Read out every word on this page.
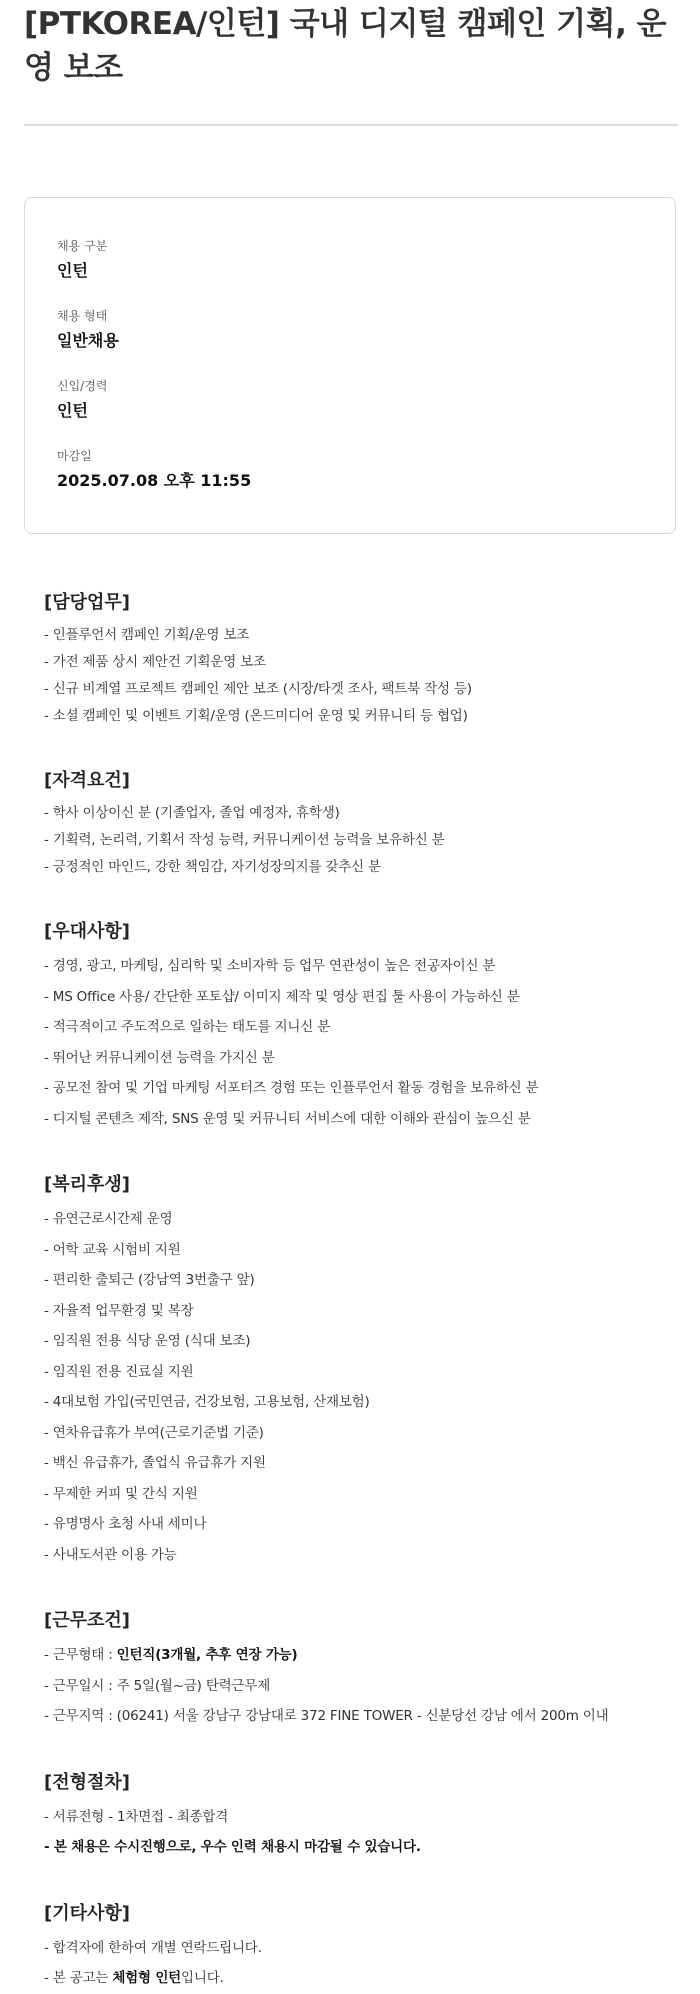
[PTKOREA/인턴] 국내 디지털 캠페인 기획, 운영 보조
채용 구분
인턴
채용 형태
일반채용
신입/경력
인턴
마감일
2025.07.08 오후 11:55
[담당업무]

- 인플루언서 캠페인 기획/운영 보조

- 가전 제품 상시 제안건 기획운영 보조

- 신규 비계열 프로젝트 캠페인 제안 보조 (시장/타겟 조사, 팩트북 작성 등)

- 소셜 캠페인 및 이벤트 기획/운영 (온드미디어 운영 및 커뮤니티 등 협업)

[자격요건]

- 학사 이상이신 분 (기졸업자, 졸업 예정자, 휴학생)

- 기획력, 논리력, 기획서 작성 능력, 커뮤니케이션 능력을 보유하신 분

- 긍정적인 마인드, 강한 책임감, 자기성장의지를 갖추신 분

[우대사항]

- 경영, 광고, 마케팅, 심리학 및 소비자학 등 업무 연관성이 높은 전공자이신 분

- MS Office 사용/ 간단한 포토샵/ 이미지 제작 및 영상 편집 툴 사용이 가능하신 분

- 적극적이고 주도적으로 일하는 태도를 지니신 분

- 뛰어난 커뮤니케이션 능력을 가지신 분

- 공모전 참여 및 기업 마케팅 서포터즈 경험 또는 인플루언서 활동 경험을 보유하신 분

- 디지털 콘텐츠 제작, SNS 운영 및 커뮤니티 서비스에 대한 이해와 관심이 높으신 분

[복리후생]

- 유연근로시간제 운영

- 어학 교육 시험비 지원

- 편리한 출퇴근 (강남역 3번출구 앞)

- 자율적 업무환경 및 복장

- 임직원 전용 식당 운영 (식대 보조)

- 임직원 전용 진료실 지원

- 4대보험 가입(국민연금, 건강보험, 고용보험, 산재보험)

- 연차유급휴가 부여(근로기준법 기준)

- 백신 유급휴가, 졸업식 유급휴가 지원

- 무제한 커피 및 간식 지원

- 유명명사 초청 사내 세미나

- 사내도서관 이용 가능

[근무조건]

- 근무형태 : 인턴직(3개월, 추후 연장 가능)

- 근무일시 : 주 5일(월~금) 탄력근무제

- 근무지역 : (06241) 서울 강남구 강남대로 372 FINE TOWER - 신분당선 강남 에서 200m 이내

[전형절차]

- 서류전형 - 1차면접 - 최종합격

- 본 채용은 수시진행으로, 우수 인력 채용시 마감될 수 있습니다.

[기타사항]

- 합격자에 한하여 개별 연락드립니다.

- 본 공고는 체험형 인턴입니다.
